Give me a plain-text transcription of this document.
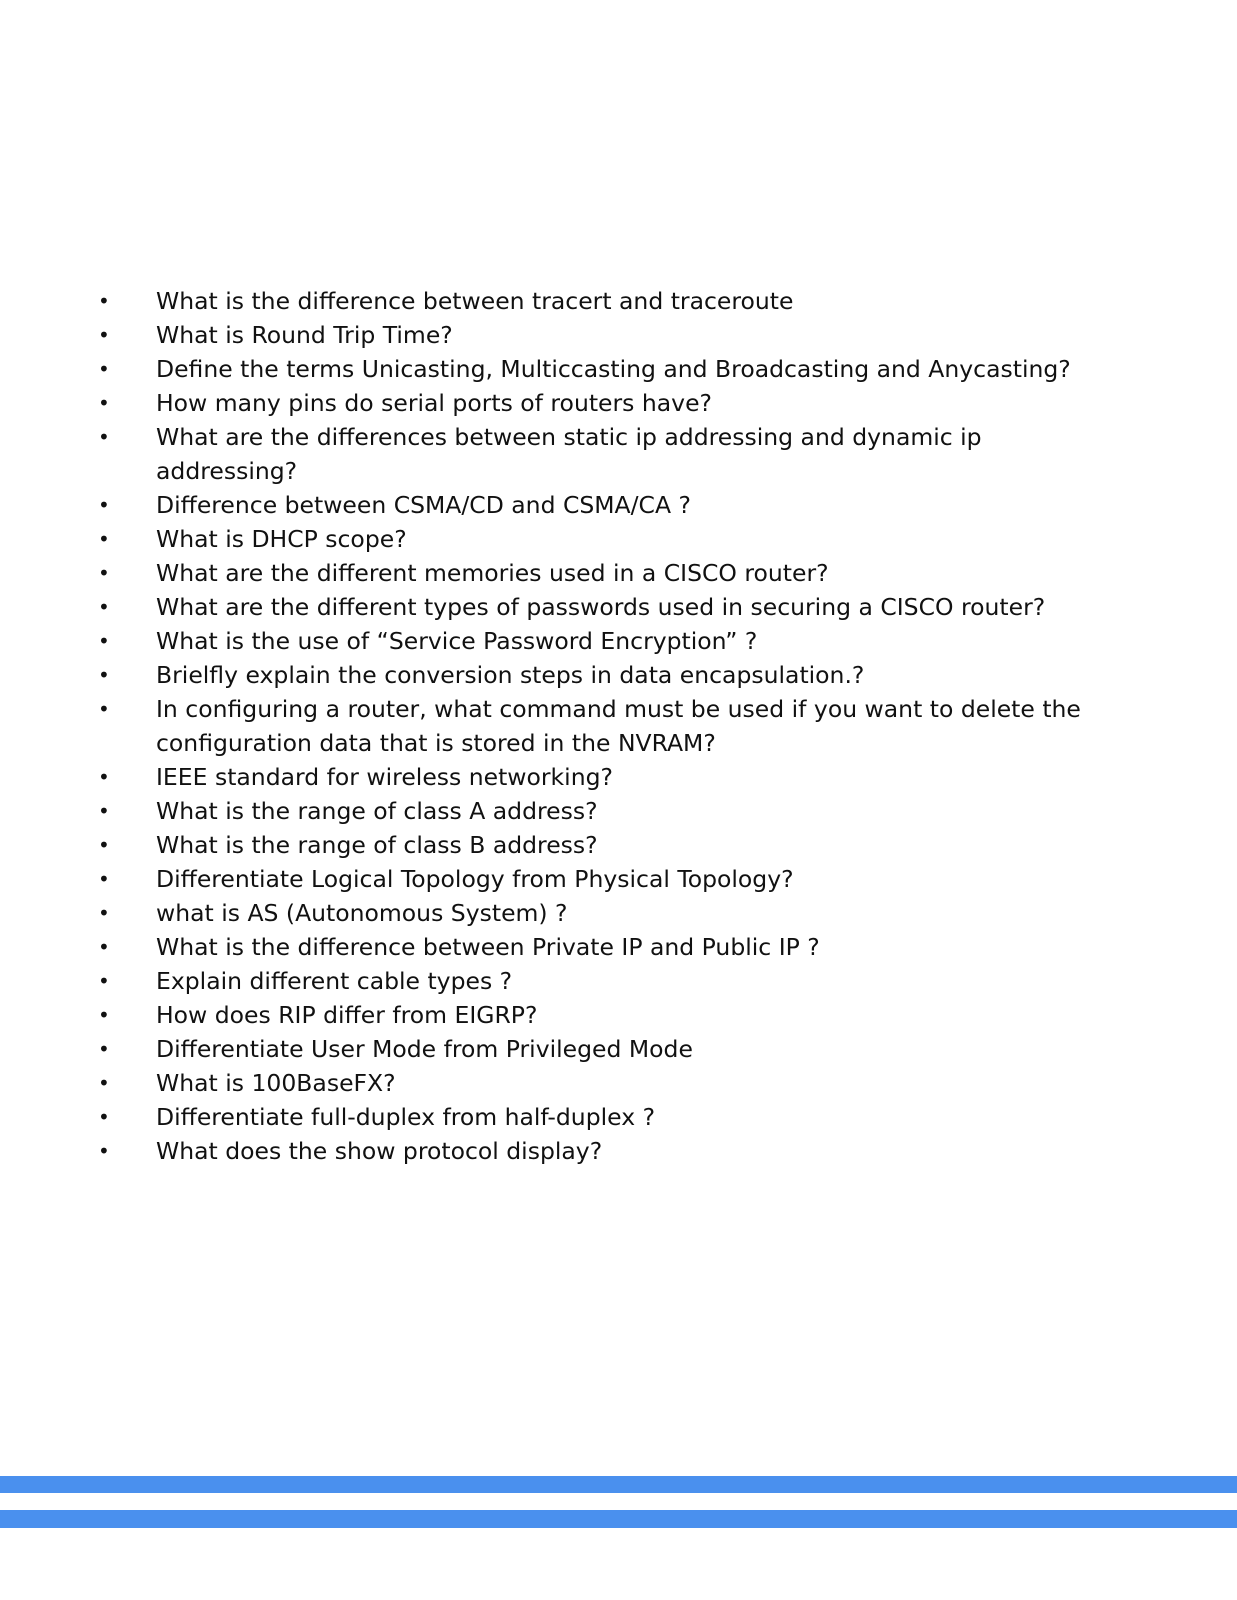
• What is the difference between tracert and traceroute
• What is Round Trip Time?
• Define the terms Unicasting, Multiccasting and Broadcasting and Anycasting?
• How many pins do serial ports of routers have?
• What are the differences between static ip addressing and dynamic ip addressing?
• Difference between CSMA/CD and CSMA/CA ?
• What is DHCP scope?
• What are the different memories used in a CISCO router?
• What are the different types of passwords used in securing a CISCO router?
• What is the use of “Service Password Encryption” ?
• Brielfly explain the conversion steps in data encapsulation.?
• In configuring a router, what command must be used if you want to delete the configuration data that is stored in the NVRAM?
• IEEE standard for wireless networking?
• What is the range of class A address?
• What is the range of class B address?
• Differentiate Logical Topology from Physical Topology?
• what is AS (Autonomous System) ?
• What is the difference between Private IP and Public IP ?
• Explain different cable types ?
• How does RIP differ from EIGRP?
• Differentiate User Mode from Privileged Mode
• What is 100BaseFX?
• Differentiate full-duplex from half-duplex ?
• What does the show protocol display?
